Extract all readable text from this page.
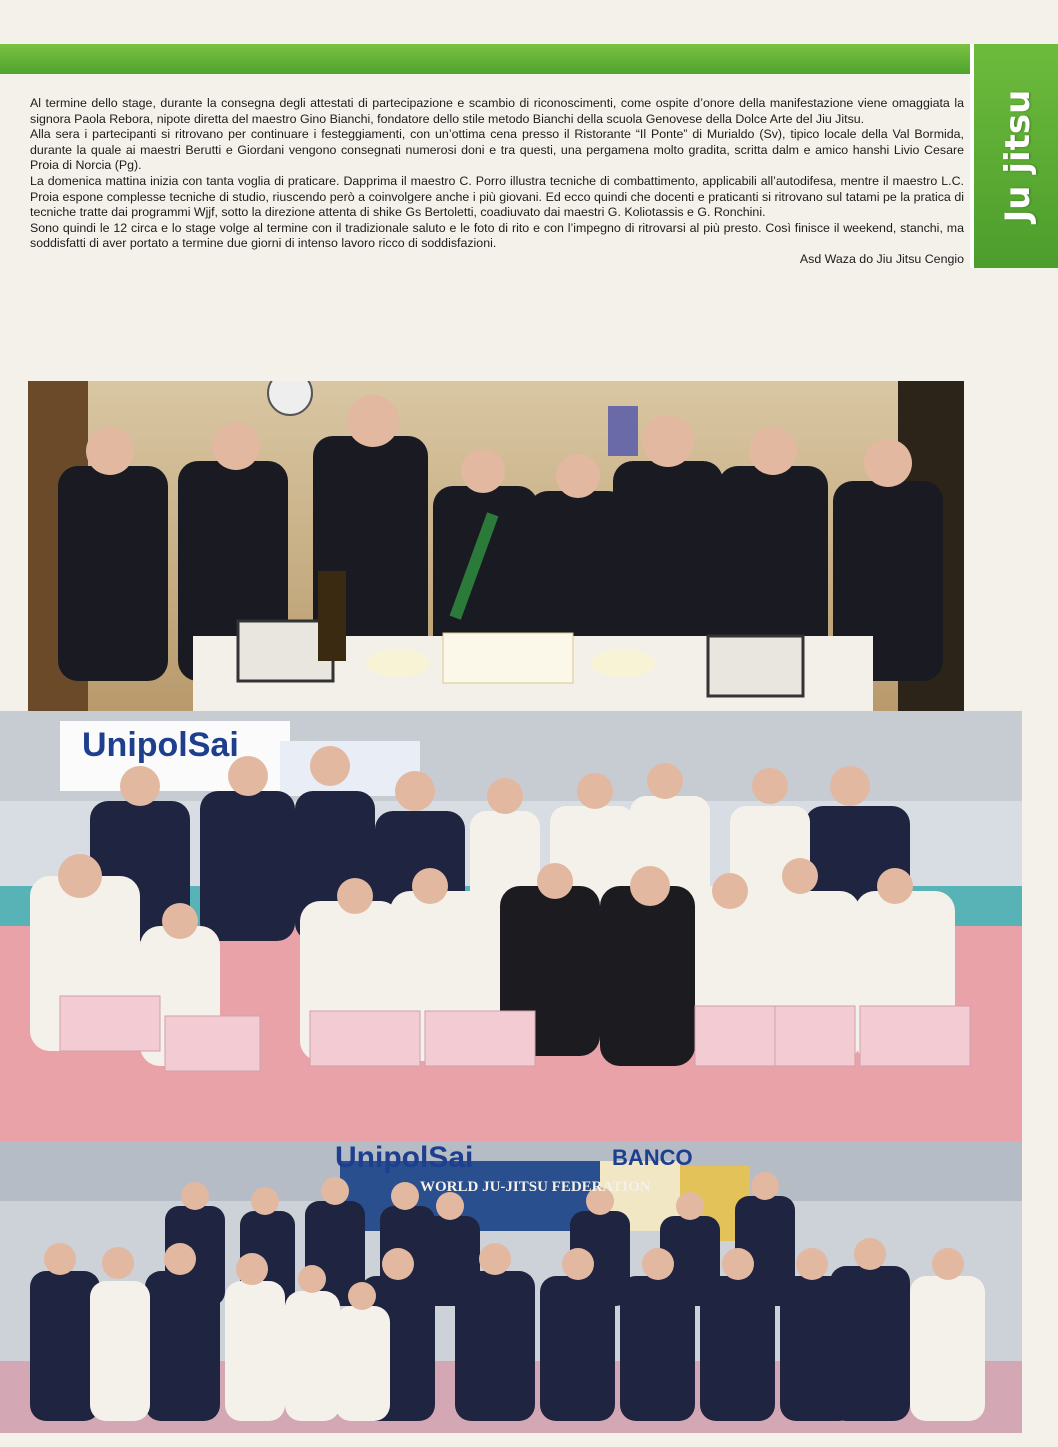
Ju jitsu

Al termine dello stage, durante la consegna degli attestati di partecipazione e scambio di riconoscimenti, come ospite d’onore della manifestazione viene omaggiata la signora Paola Rebora, nipote diretta del maestro Gino Bianchi, fondatore dello stile metodo Bianchi della scuola Genovese della Dolce Arte del Jiu Jitsu.

Alla sera i partecipanti si ritrovano per continuare i festeggiamenti, con un’ottima cena presso il Ristorante “Il Ponte” di Murialdo (Sv), tipico locale della Val Bormida, durante la quale ai maestri Berutti e Giordani vengono consegnati numerosi doni e tra questi, una pergamena molto gradita, scritta dalm e amico hanshi Livio Cesare Proia di Norcia (Pg).

La domenica mattina inizia con tanta voglia di praticare. Dapprima il maestro C. Porro illustra tecniche di combattimento, applicabili all’autodifesa, mentre il maestro L.C. Proia espone complesse tecniche di studio, riuscendo però a coinvolgere anche i più giovani. Ed ecco quindi che docenti e praticanti si ritrovano sul tatami pe la pratica di tecniche tratte dai programmi Wjjf, sotto la direzione attenta di shike Gs Bertoletti, coadiuvato dai maestri G. Koliotassis e G. Ronchini.

Sono quindi le 12 circa e lo stage volge al termine con il tradizionale saluto e le foto di rito e con l’impegno di ritrovarsi al più presto. Così finisce il weekend, stanchi, ma soddisfatti di aver portato a termine due giorni di intenso lavoro ricco di soddisfazioni.

Asd Waza do Jiu Jitsu Cengio

UnipolSai
UnipolSai	BANCO
WORLD JU-JITSU FEDERATION
